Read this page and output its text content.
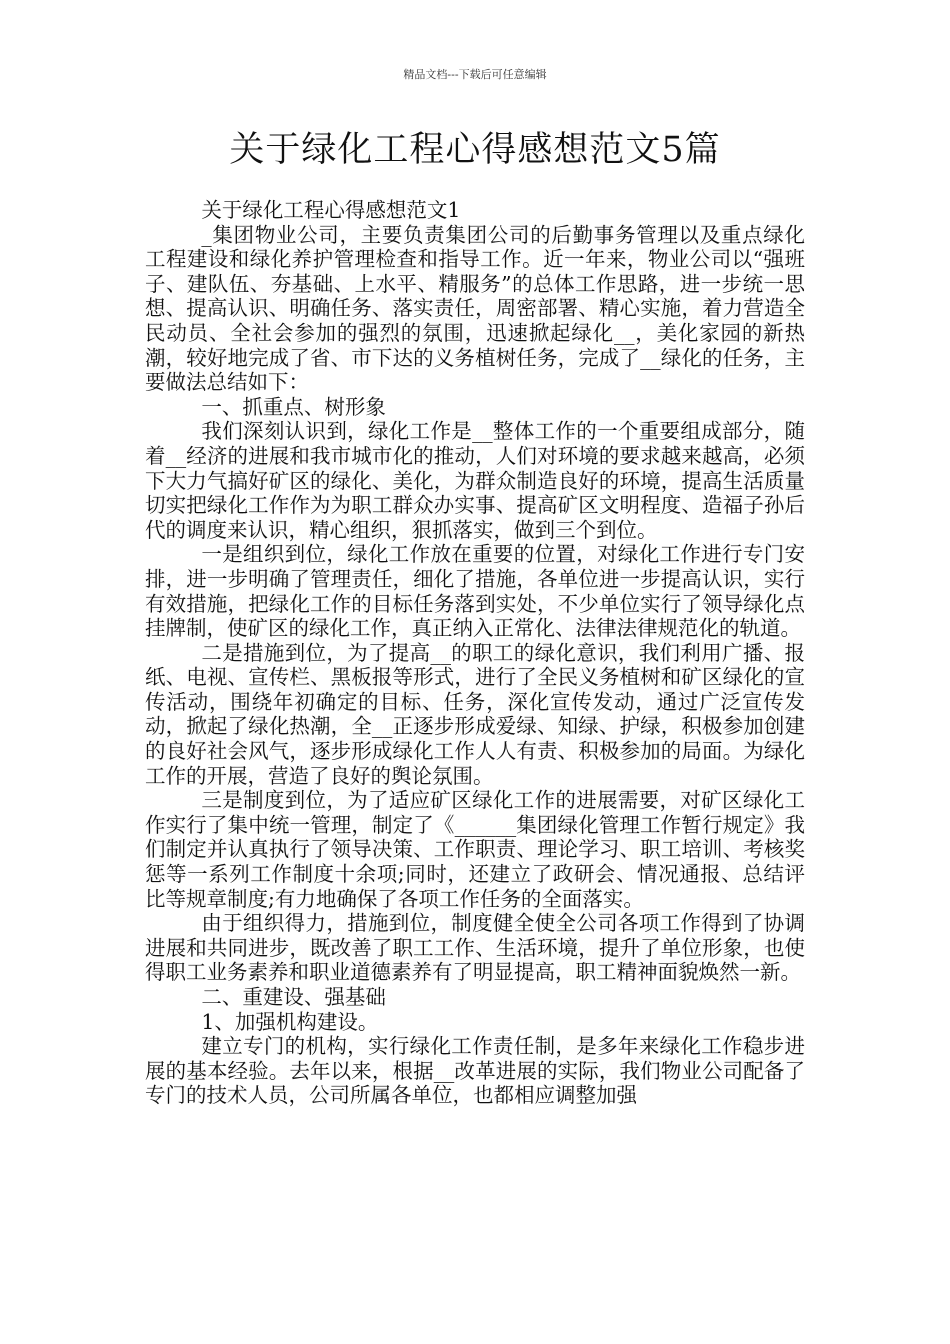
精品文档---下载后可任意编辑
关于绿化工程心得感想范文5篇

关于绿化工程心得感想范文1

_集团物业公司，主要负责集团公司的后勤事务管理以及重点绿化工程建设和绿化养护管理检查和指导工作。近一年来，物业公司以“强班子、建队伍、夯基础、上水平、精服务”的总体工作思路，进一步统一思想、提高认识、明确任务、落实责任，周密部署、精心实施，着力营造全民动员、全社会参加的强烈的氛围，迅速掀起绿化__，美化家园的新热潮，较好地完成了省、市下达的义务植树任务，完成了__绿化的任务，主要做法总结如下：

一、抓重点、树形象

我们深刻认识到，绿化工作是__整体工作的一个重要组成部分，随着__经济的进展和我市城市化的推动，人们对环境的要求越来越高，必须下大力气搞好矿区的绿化、美化，为群众制造良好的环境，提高生活质量切实把绿化工作作为为职工群众办实事、提高矿区文明程度、造福子孙后代的调度来认识，精心组织，狠抓落实，做到三个到位。

一是组织到位，绿化工作放在重要的位置，对绿化工作进行专门安排，进一步明确了管理责任，细化了措施，各单位进一步提高认识，实行有效措施，把绿化工作的目标任务落到实处，不少单位实行了领导绿化点挂牌制，使矿区的绿化工作，真正纳入正常化、法律法律规范化的轨道。

二是措施到位，为了提高__的职工的绿化意识，我们利用广播、报纸、电视、宣传栏、黑板报等形式，进行了全民义务植树和矿区绿化的宣传活动，围绕年初确定的目标、任务，深化宣传发动，通过广泛宣传发动，掀起了绿化热潮，全__正逐步形成爱绿、知绿、护绿，积极参加创建的良好社会风气，逐步形成绿化工作人人有责、积极参加的局面。为绿化工作的开展，营造了良好的舆论氛围。

三是制度到位，为了适应矿区绿化工作的进展需要，对矿区绿化工作实行了集中统一管理，制定了《______集团绿化管理工作暂行规定》我们制定并认真执行了领导决策、工作职责、理论学习、职工培训、考核奖惩等一系列工作制度十余项;同时，还建立了政研会、情况通报、总结评比等规章制度;有力地确保了各项工作任务的全面落实。

由于组织得力，措施到位，制度健全使全公司各项工作得到了协调进展和共同进步，既改善了职工工作、生活环境，提升了单位形象，也使得职工业务素养和职业道德素养有了明显提高，职工精神面貌焕然一新。

二、重建设、强基础

1、加强机构建设。

建立专门的机构，实行绿化工作责任制，是多年来绿化工作稳步进展的基本经验。去年以来，根据__改革进展的实际，我们物业公司配备了专门的技术人员，公司所属各单位，也都相应调整加强
